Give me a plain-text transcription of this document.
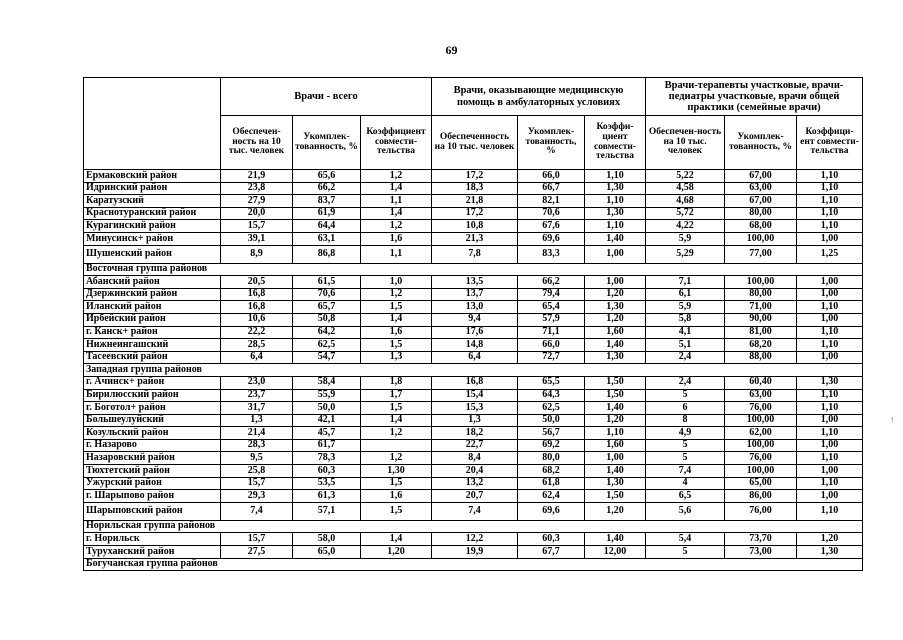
69
	Врачи - всего			Врачи, оказывающие медицинскую помощь в амбулаторных условиях			Врачи-терапевты участковые, врачи-педиатры участковые, врачи общей практики (семейные врачи)		
	Обеспечен-ность на 10 тыс. человек	Укомплек-тованность, %	Коэффициент совмести-тельства	Обеспеченность на 10 тыс. человек	Укомплек-тованность, %	Коэффи-циент совмести-тельства	Обеспечен-ность на 10 тыс. человек	Укомплек-тованность, %	Коэффици-ент совмести-тельства
Ермаковский район	21,9	65,6	1,2	17,2	66,0	1,10	5,22	67,00	1,10
Идринский район	23,8	66,2	1,4	18,3	66,7	1,30	4,58	63,00	1,10
Каратузский	27,9	83,7	1,1	21,8	82,1	1,10	4,68	67,00	1,10
Краснотуранский район	20,0	61,9	1,4	17,2	70,6	1,30	5,72	80,00	1,10
Курагинский район	15,7	64,4	1,2	10,8	67,6	1,10	4,22	68,00	1,10
Минусинск+ район	39,1	63,1	1,6	21,3	69,6	1,40	5,9	100,00	1,00
Шушенский район	8,9	86,8	1,1	7,8	83,3	1,00	5,29	77,00	1,25
Восточная группа районов									
Абанский район	20,5	61,5	1,0	13,5	66,2	1,00	7,1	100,00	1,00
Дзержинский район	16,8	70,6	1,2	13,7	79,4	1,20	6,1	80,00	1,00
Иланский район	16,8	65,7	1,5	13,0	65,4	1,30	5,9	71,00	1,10
Ирбейский район	10,6	50,8	1,4	9,4	57,9	1,20	5,8	90,00	1,00
г. Канск+ район	22,2	64,2	1,6	17,6	71,1	1,60	4,1	81,00	1,10
Нижнеингашский	28,5	62,5	1,5	14,8	66,0	1,40	5,1	68,20	1,10
Тасеевский район	6,4	54,7	1,3	6,4	72,7	1,30	2,4	88,00	1,00
Западная группа районов									
г. Ачинск+ район	23,0	58,4	1,8	16,8	65,5	1,50	2,4	60,40	1,30
Бирилюсский район	23,7	55,9	1,7	15,4	64,3	1,50	5	63,00	1,10
г. Боготол+ район	31,7	50,0	1,5	15,3	62,5	1,40	6	76,00	1,10
Большеулуйский	1,3	42,1	1,4	1,3	50,0	1,20	8	100,00	1,00
Козульский район	21,4	45,7	1,2	18,2	56,7	1,10	4,9	62,00	1,10
г. Назарово	28,3	61,7		22,7	69,2	1,60	5	100,00	1,00
Назаровский район	9,5	78,3	1,2	8,4	80,0	1,00	5	76,00	1,10
Тюхтетский район	25,8	60,3	1,30	20,4	68,2	1,40	7,4	100,00	1,00
Ужурский район	15,7	53,5	1,5	13,2	61,8	1,30	4	65,00	1,10
г. Шарыпово район	29,3	61,3	1,6	20,7	62,4	1,50	6,5	86,00	1,00
Шарыповский район	7,4	57,1	1,5	7,4	69,6	1,20	5,6	76,00	1,10
Норильская группа районов									
г. Норильск	15,7	58,0	1,4	12,2	60,3	1,40	5,4	73,70	1,20
Туруханский район	27,5	65,0	1,20	19,9	67,7	12,00	5	73,00	1,30
Богучанская группа районов									
↑
